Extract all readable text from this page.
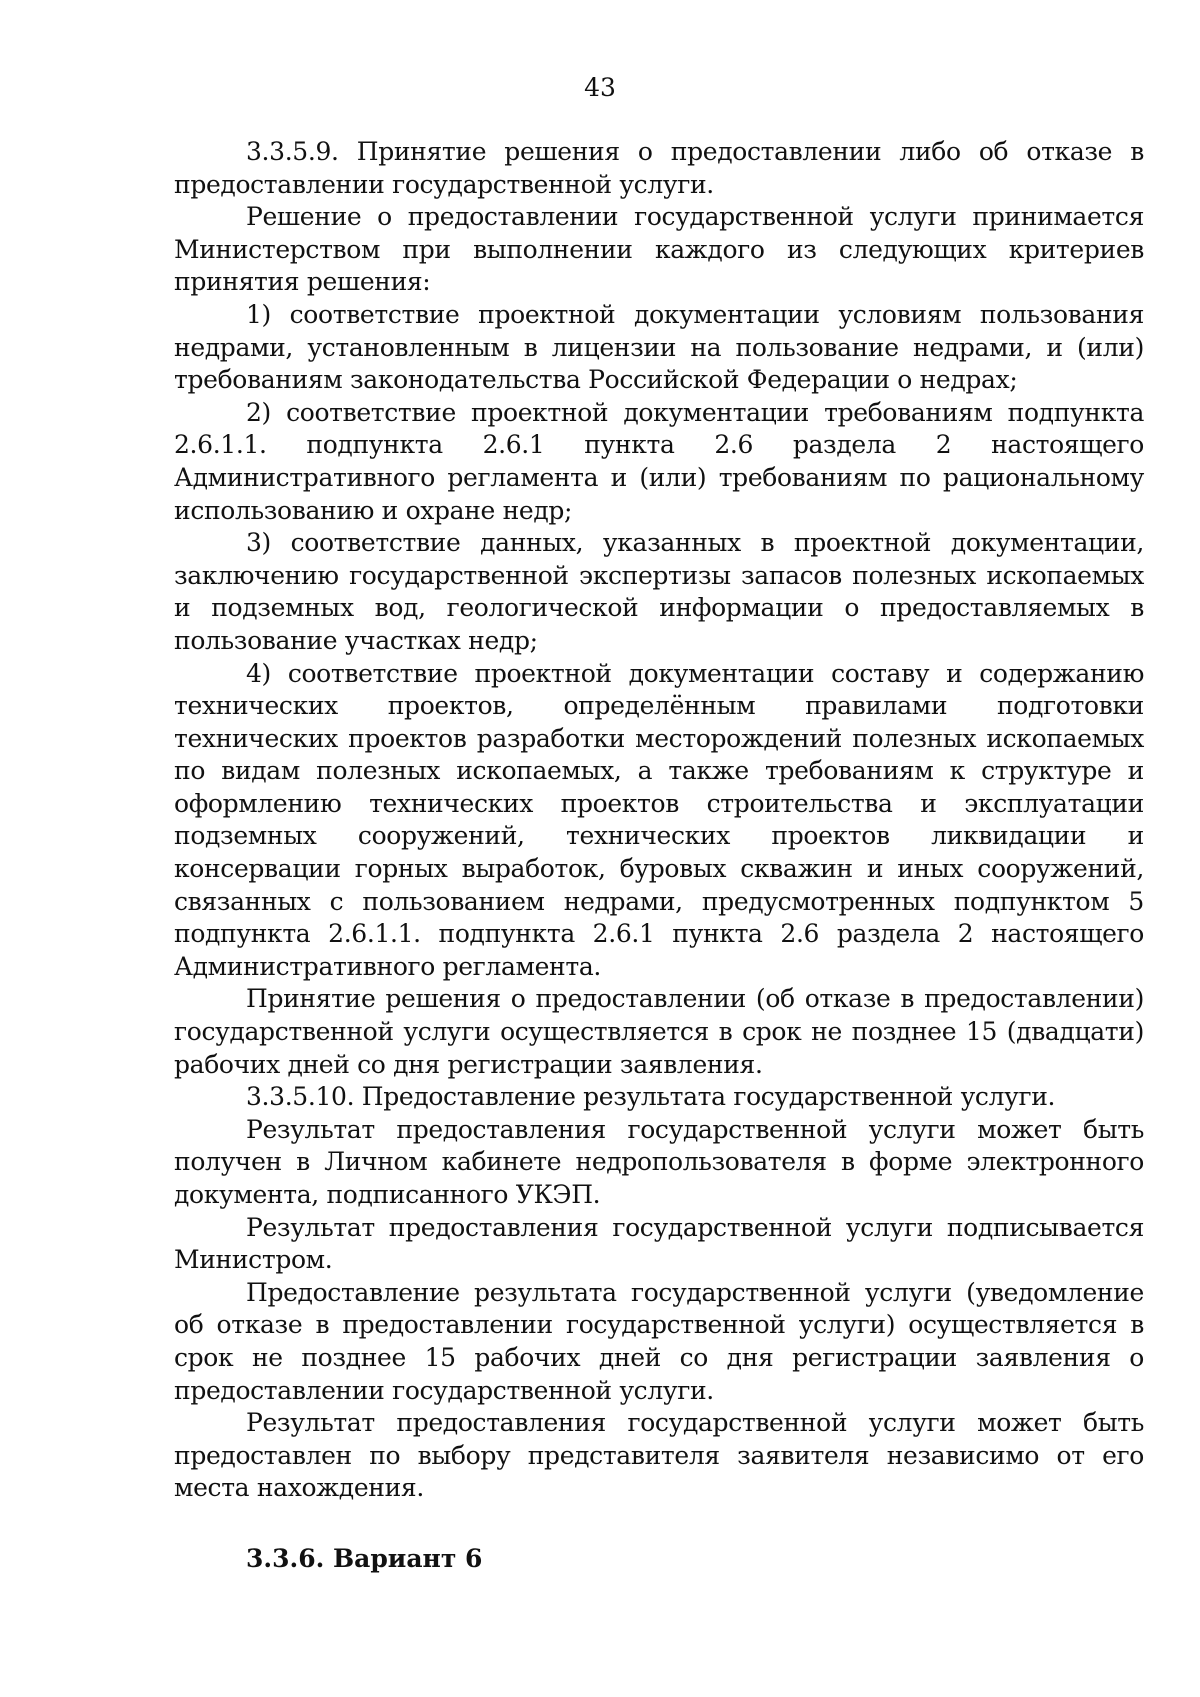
43

3.3.5.9. Принятие решения о предоставлении либо об отказе в предоставлении государственной услуги.

Решение о предоставлении государственной услуги принимается Министерством при выполнении каждого из следующих критериев принятия решения:

1) соответствие проектной документации условиям пользования недрами, установленным в лицензии на пользование недрами, и (или) требованиям законодательства Российской Федерации о недрах;

2) соответствие проектной документации требованиям подпункта 2.6.1.1. подпункта 2.6.1 пункта 2.6 раздела 2 настоящего Административного регламента и (или) требованиям по рациональному использованию и охране недр;

3) соответствие данных, указанных в проектной документации, заключению государственной экспертизы запасов полезных ископаемых и подземных вод, геологической информации о предоставляемых в пользование участках недр;

4) соответствие проектной документации составу и содержанию технических проектов, определённым правилами подготовки технических проектов разработки месторождений полезных ископаемых по видам полезных ископаемых, а также требованиям к структуре и оформлению технических проектов строительства и эксплуатации подземных сооружений, технических проектов ликвидации и консервации горных выработок, буровых скважин и иных сооружений, связанных с пользованием недрами, предусмотренных подпунктом 5 подпункта 2.6.1.1. подпункта 2.6.1 пункта 2.6 раздела 2 настоящего Административного регламента.

Принятие решения о предоставлении (об отказе в предоставлении) государственной услуги осуществляется в срок не позднее 15 (двадцати) рабочих дней со дня регистрации заявления.

3.3.5.10. Предоставление результата государственной услуги.

Результат предоставления государственной услуги может быть получен в Личном кабинете недропользователя в форме электронного документа, подписанного УКЭП.

Результат предоставления государственной услуги подписывается Министром.

Предоставление результата государственной услуги (уведомление об отказе в предоставлении государственной услуги) осуществляется в срок не позднее 15 рабочих дней со дня регистрации заявления о предоставлении государственной услуги.

Результат предоставления государственной услуги может быть предоставлен по выбору представителя заявителя независимо от его места нахождения.

3.3.6. Вариант 6
